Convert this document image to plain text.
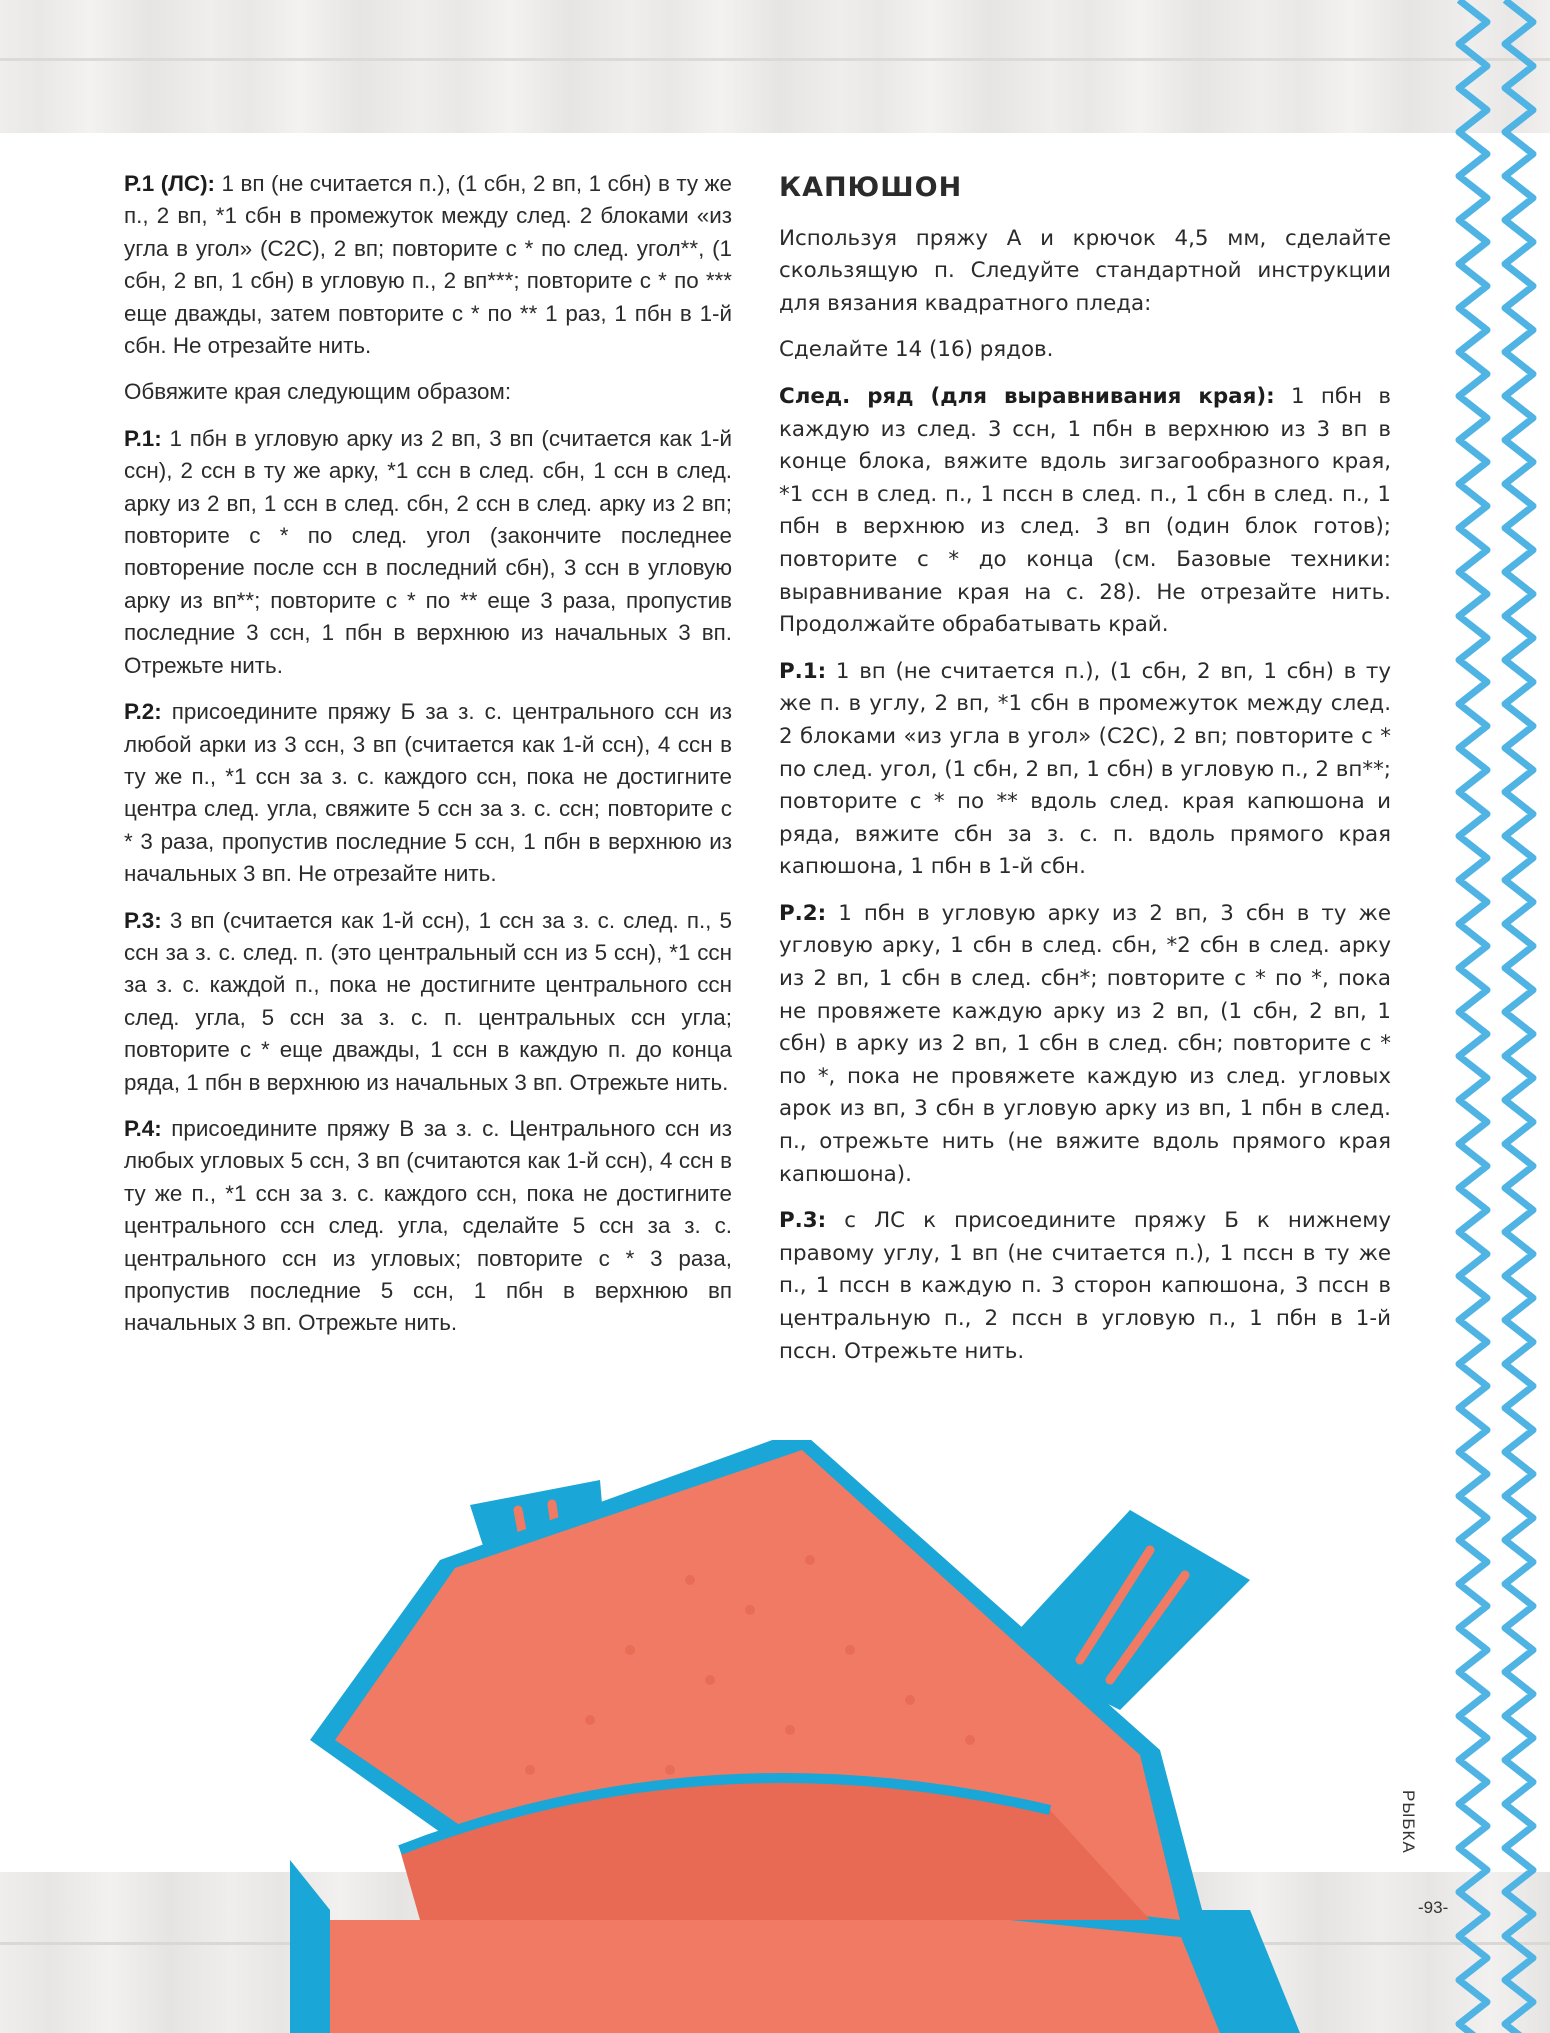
Р.1 (ЛС): 1 вп (не считается п.), (1 сбн, 2 вп, 1 сбн) в ту же п., 2 вп, *1 сбн в промежуток между след. 2 блоками «из угла в угол» (С2С), 2 вп; повторите с * по след. угол**, (1 сбн, 2 вп, 1 сбн) в угловую п., 2 вп***; повторите с * по *** еще дважды, затем повторите с * по ** 1 раз, 1 пбн в 1-й сбн. Не отрезайте нить.

Обвяжите края следующим образом:

Р.1: 1 пбн в угловую арку из 2 вп, 3 вп (считается как 1-й ссн), 2 ссн в ту же арку, *1 ссн в след. сбн, 1 ссн в след. арку из 2 вп, 1 ссн в след. сбн, 2 ссн в след. арку из 2 вп; повторите с * по след. угол (закончите последнее повторение после ссн в последний сбн), 3 ссн в угловую арку из вп**; повторите с * по ** еще 3 раза, пропустив последние 3 ссн, 1 пбн в верхнюю из начальных 3 вп. Отрежьте нить.

Р.2: присоедините пряжу Б за з. с. центрального ссн из любой арки из 3 ссн, 3 вп (считается как 1-й ссн), 4 ссн в ту же п., *1 ссн за з. с. каждого ссн, пока не достигните центра след. угла, свяжите 5 ссн за з. с. ссн; повторите с * 3 раза, пропустив последние 5 ссн, 1 пбн в верхнюю из начальных 3 вп. Не отрезайте нить.

Р.3: 3 вп (считается как 1-й ссн), 1 ссн за з. с. след. п., 5 ссн за з. с. след. п. (это центральный ссн из 5 ссн), *1 ссн за з. с. каждой п., пока не достигните центрального ссн след. угла, 5 ссн за з. с. п. центральных ссн угла; повторите с * еще дважды, 1 ссн в каждую п. до конца ряда, 1 пбн в верхнюю из начальных 3 вп. Отрежьте нить.

Р.4: присоедините пряжу В за з. с. Центрального ссн из любых угловых 5 ссн, 3 вп (считаются как 1-й ссн), 4 ссн в ту же п., *1 ссн за з. с. каждого ссн, пока не достигните центрального ссн след. угла, сделайте 5 ссн за з. с. центрального ссн из угловых; повторите с * 3 раза, пропустив последние 5 ссн, 1 пбн в верхнюю вп начальных 3 вп. Отрежьте нить.

КАПЮШОН

Используя пряжу А и крючок 4,5 мм, сделайте скользящую п. Следуйте стандартной инструкции для вязания квадратного пледа:

Сделайте 14 (16) рядов.

След. ряд (для выравнивания края): 1 пбн в каждую из след. 3 ссн, 1 пбн в верхнюю из 3 вп в конце блока, вяжите вдоль зигзагообразного края, *1 ссн в след. п., 1 пссн в след. п., 1 сбн в след. п., 1 пбн в верхнюю из след. 3 вп (один блок готов); повторите с * до конца (см. Базовые техники: выравнивание края на с. 28). Не отрезайте нить. Продолжайте обрабатывать край.

Р.1: 1 вп (не считается п.), (1 сбн, 2 вп, 1 сбн) в ту же п. в углу, 2 вп, *1 сбн в промежуток между след. 2 блоками «из угла в угол» (С2С), 2 вп; повторите с * по след. угол, (1 сбн, 2 вп, 1 сбн) в угловую п., 2 вп**; повторите с * по ** вдоль след. края капюшона и ряда, вяжите сбн за з. с. п. вдоль прямого края капюшона, 1 пбн в 1-й сбн.

Р.2: 1 пбн в угловую арку из 2 вп, 3 сбн в ту же угловую арку, 1 сбн в след. сбн, *2 сбн в след. арку из 2 вп, 1 сбн в след. сбн*; повторите с * по *, пока не провяжете каждую арку из 2 вп, (1 сбн, 2 вп, 1 сбн) в арку из 2 вп, 1 сбн в след. сбн; повторите с * по *, пока не провяжете каждую из след. угловых арок из вп, 3 сбн в угловую арку из вп, 1 пбн в след. п., отрежьте нить (не вяжите вдоль прямого края капюшона).

Р.3: с ЛС к присоедините пряжу Б к нижнему правому углу, 1 вп (не считается п.), 1 пссн в ту же п., 1 пссн в каждую п. 3 сторон капюшона, 3 пссн в центральную п., 2 пссн в угловую п., 1 пбн в 1-й пссн. Отрежьте нить.

РЫБКА
-93-
